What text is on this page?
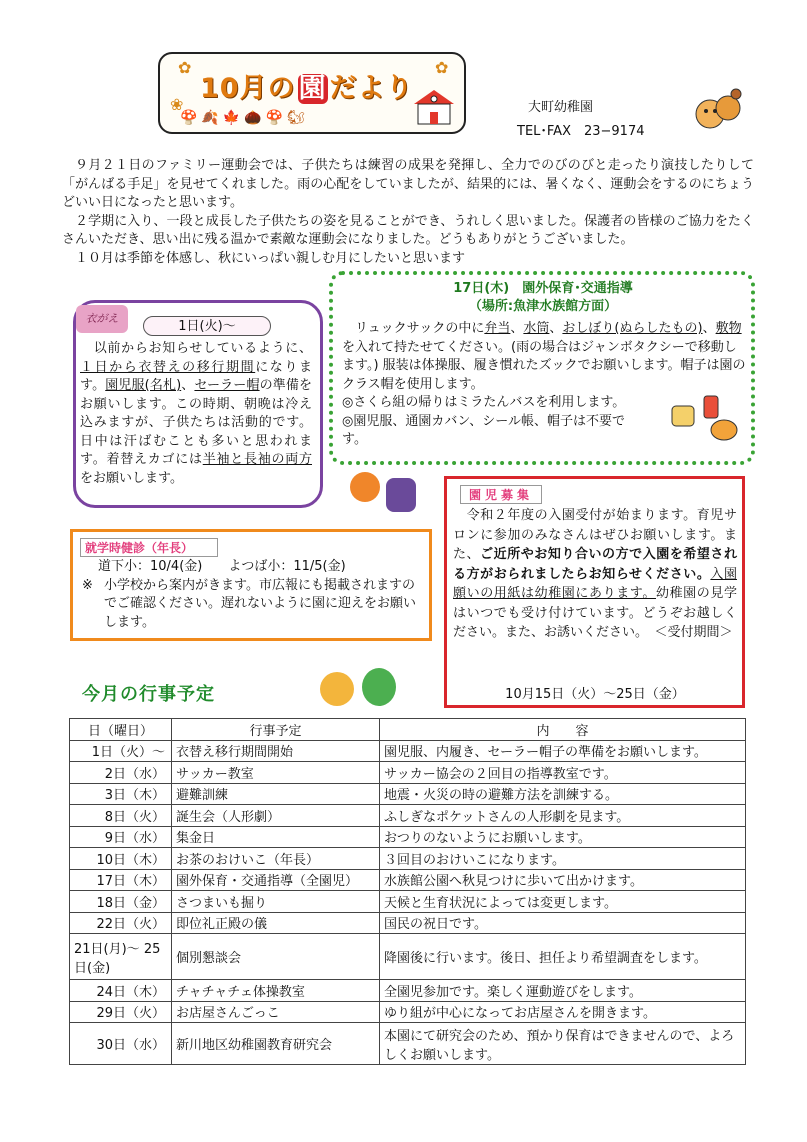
✿	✿
❀
10月の 園 だより
🍄🍂🍁🌰🍄🐿
大町幼稚園
TEL･FAX　23−9174

９月２１日のファミリー運動会では、子供たちは練習の成果を発揮し、全力でのびのびと走ったり演技したりして「がんばる手足」を見せてくれました。雨の心配をしていましたが、結果的には、暑くなく、運動会をするのにちょうどいい日になったと思います。

２学期に入り、一段と成長した子供たちの姿を見ることができ、うれしく思いました。保護者の皆様のご協力をたくさんいただき、思い出に残る温かで素敵な運動会になりました。どうもありがとうございました。

１０月は季節を体感し、秋にいっぱい親しむ月にしたいと思います

衣がえ
1日(火)〜
　以前からお知らせしているように、１日から衣替えの移行期間になります。園児服(名札)、セーラー帽の準備をお願いします。この時期、朝晩は冷え込みますが、子供たちは活動的です。日中は汗ばむことも多いと思われます。着替えカゴには半袖と長袖の両方をお願いします。
17日(木)　園外保育･交通指導
（場所:魚津水族館方面）

　リュックサックの中に弁当、水筒、おしぼり(ぬらしたもの)、敷物を入れて持たせてください。(雨の場合はジャンボタクシーで移動します。) 服装は体操服、履き慣れたズックでお願いします。帽子は園のクラス帽を使用します。

◎さくら組の帰りはミラたんバスを利用します。

◎園児服、通園カバン、シール帳、帽子は不要です。

就学時健診（年長）
道下小：10/4(金)　　よつば小：11/5(金)
※ 小学校から案内がきます。市広報にも掲載されますのでご確認ください。遅れないように園に迎えをお願いします。
園児募集
　令和２年度の入園受付が始まります。育児サロンに参加のみなさんはぜひお願いします。また、ご近所やお知り合いの方で入園を希望される方がおられましたらお知らせください。入園願いの用紙は幼稚園にあります。幼稚園の見学はいつでも受け付けています。どうぞお越しください。また、お誘いください。　＜受付期間＞
10月15日（火）〜25日（金）
今月の行事予定
日（曜日）	行事予定	内　　容
1日（火）〜	衣替え移行期間開始	園児服、内履き、セーラー帽子の準備をお願いします。
2日（水）	サッカー教室	サッカー協会の２回目の指導教室です。
3日（木）	避難訓練	地震・火災の時の避難方法を訓練する。
8日（火）	誕生会（人形劇）	ふしぎなポケットさんの人形劇を見ます。
9日（水）	集金日	おつりのないようにお願いします。
10日（木）	お茶のおけいこ（年長）	３回目のおけいこになります。
17日（木）	園外保育・交通指導（全園児）	水族館公園へ秋見つけに歩いて出かけます。
18日（金）	さつまいも掘り	天候と生育状況によっては変更します。
22日（火）	即位礼正殿の儀	国民の祝日です。
21日(月)〜 25日(金)	個別懇談会	降園後に行います。後日、担任より希望調査をします。
24日（木）	チャチャチェ体操教室	全園児参加です。楽しく運動遊びをします。
29日（火）	お店屋さんごっこ	ゆり組が中心になってお店屋さんを開きます。
30日（水）	新川地区幼稚園教育研究会	本園にて研究会のため、預かり保育はできませんので、よろしくお願いします。
